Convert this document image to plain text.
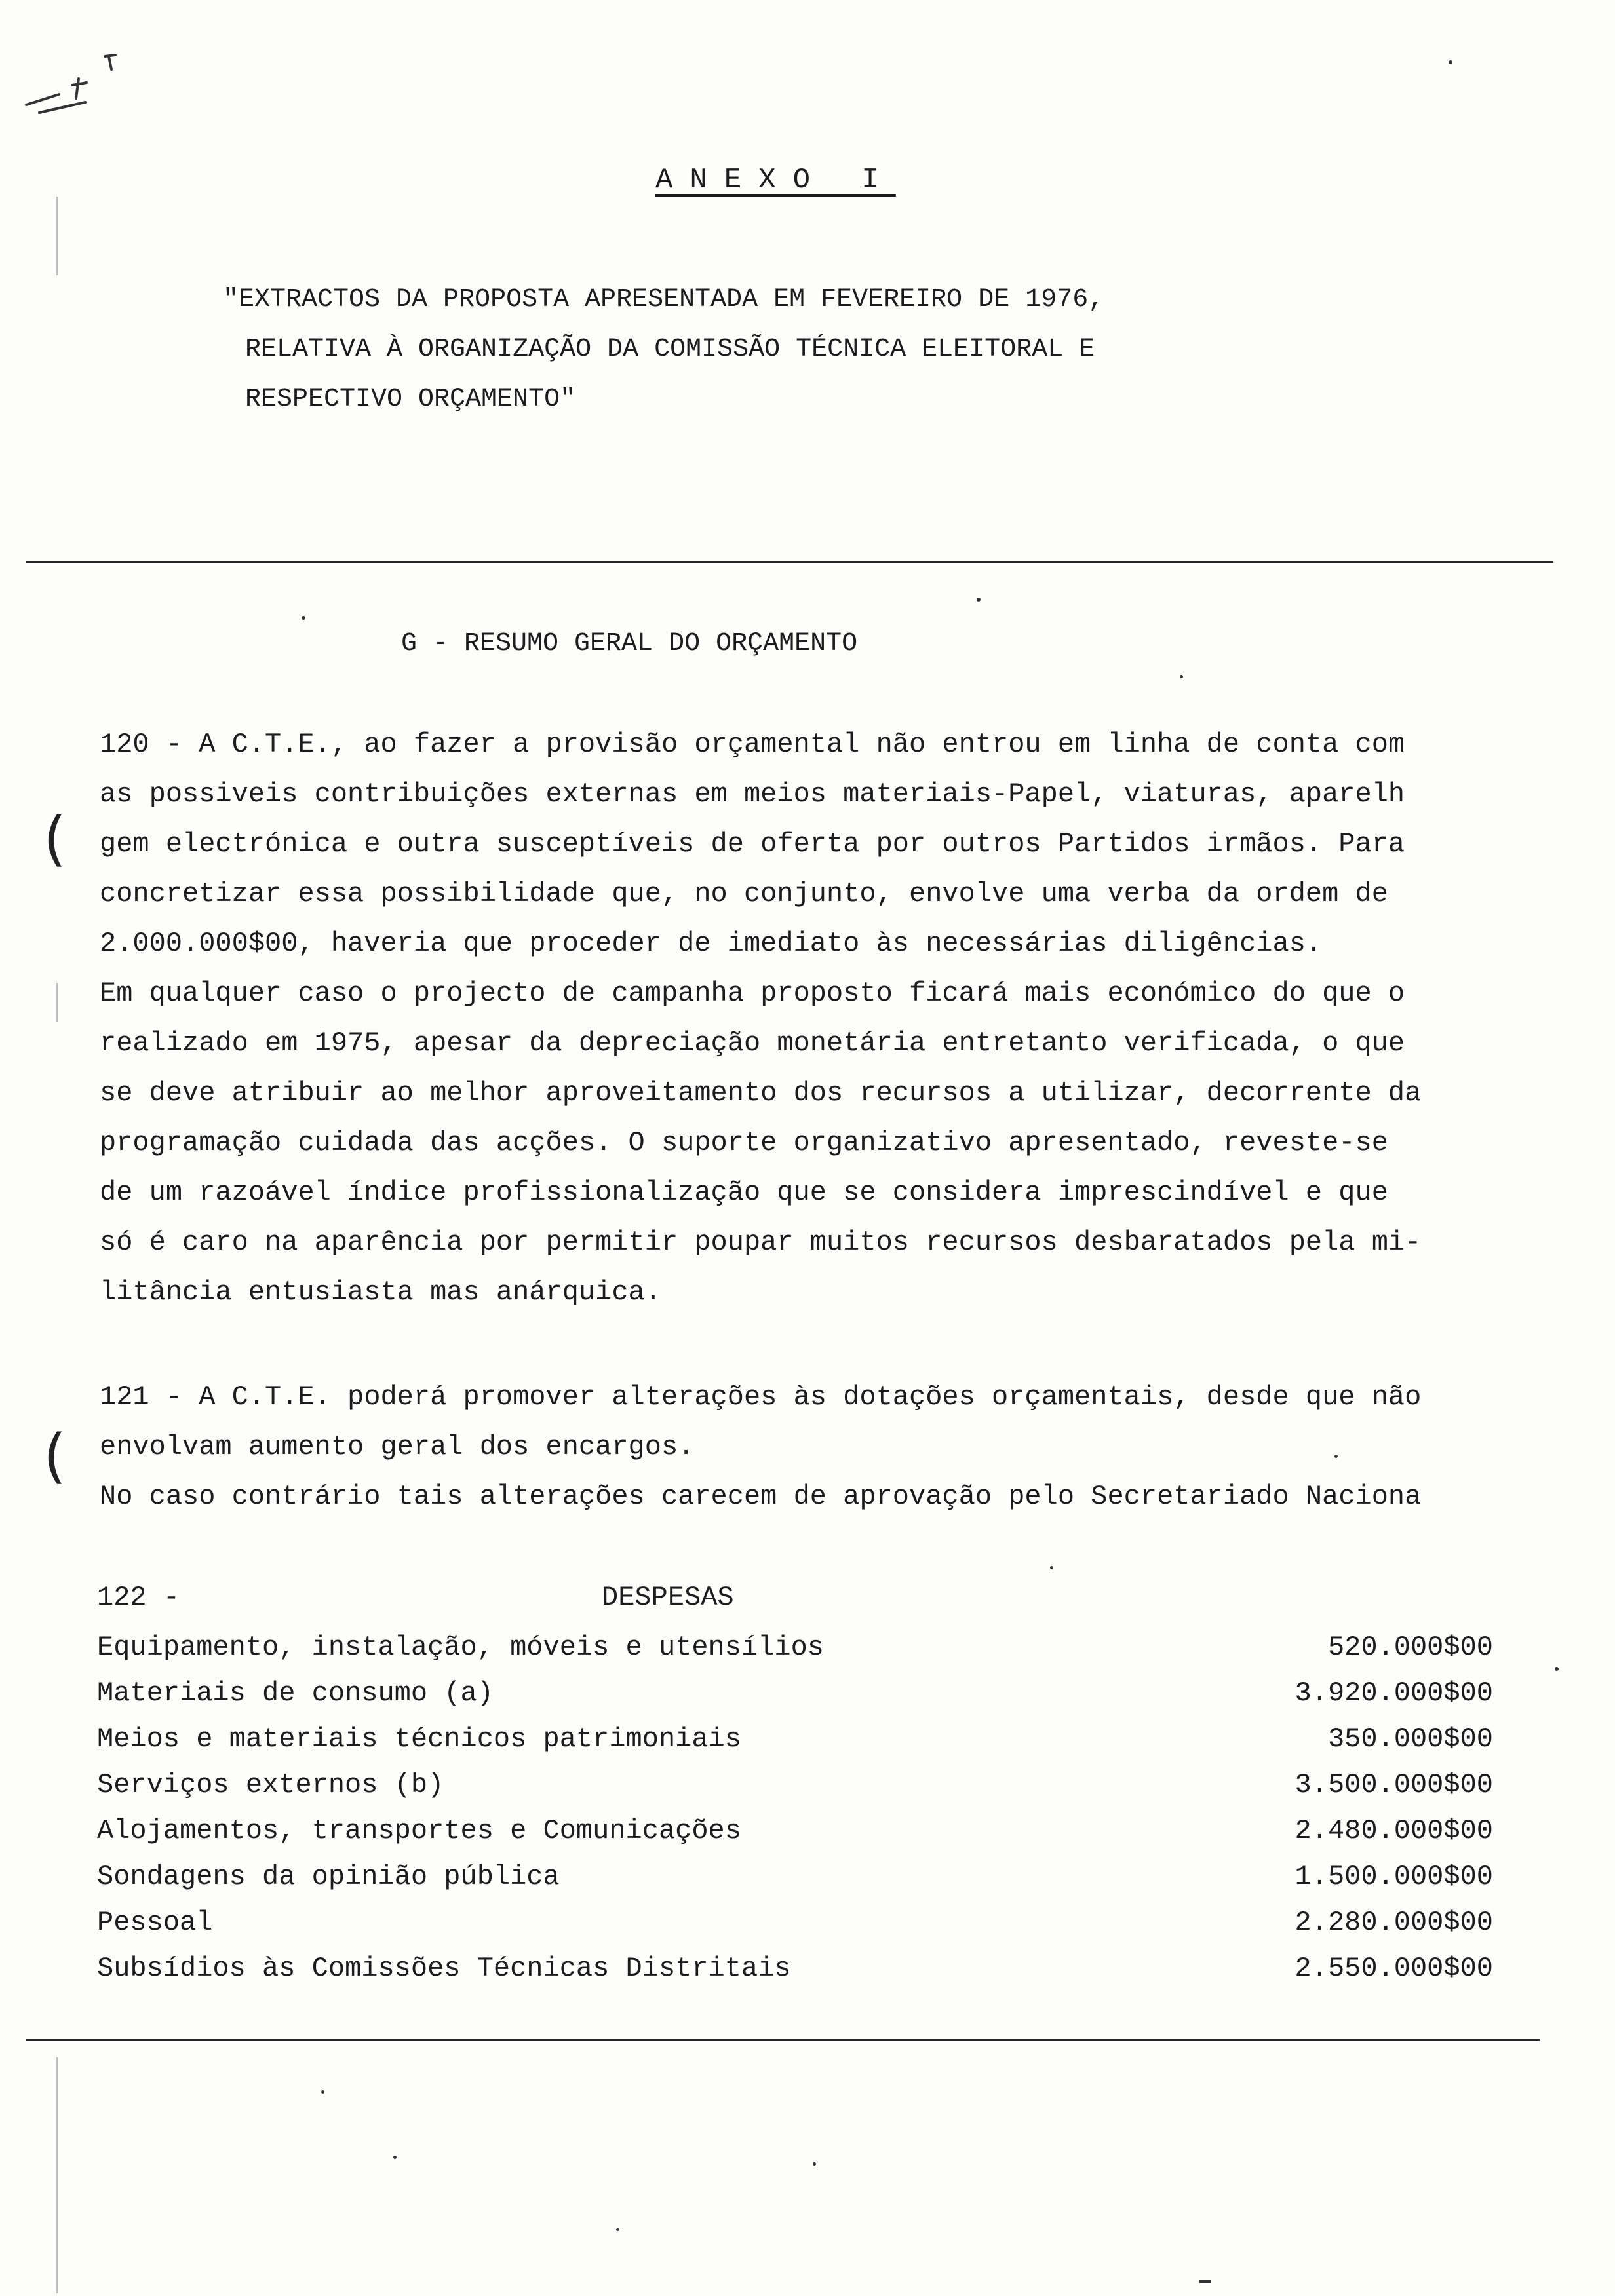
ANEXO I
"EXTRACTOS DA PROPOSTA APRESENTADA EM FEVEREIRO DE 1976,
RELATIVA À ORGANIZAÇÃO DA COMISSÃO TÉCNICA ELEITORAL E
RESPECTIVO ORÇAMENTO"
G - RESUMO GERAL DO ORÇAMENTO
120 - A C.T.E., ao fazer a provisão orçamental não entrou em linha de conta com
as possiveis contribuições externas em meios materiais-Papel, viaturas, aparelh
gem electrónica e outra susceptíveis de oferta por outros Partidos irmãos. Para
concretizar essa possibilidade que, no conjunto, envolve uma verba da ordem de
2.000.000$00, haveria que proceder de imediato às necessárias diligências.
Em qualquer caso o projecto de campanha proposto ficará mais económico do que o
realizado em 1975, apesar da depreciação monetária entretanto verificada, o que
se deve atribuir ao melhor aproveitamento dos recursos a utilizar, decorrente da
programação cuidada das acções. O suporte organizativo apresentado, reveste-se
de um razoável índice profissionalização que se considera imprescindível e que
só é caro na aparência por permitir poupar muitos recursos desbaratados pela mi-
litância entusiasta mas anárquica.
(
121 - A C.T.E. poderá promover alterações às dotações orçamentais, desde que não
envolvam aumento geral dos encargos.
No caso contrário tais alterações carecem de aprovação pelo Secretariado Naciona
(
122 -	DESPESAS
Equipamento, instalação, móveis e utensílios	520.000$00
Materiais de consumo (a)	3.920.000$00
Meios e materiais técnicos patrimoniais	350.000$00
Serviços externos (b)	3.500.000$00
Alojamentos, transportes e Comunicações	2.480.000$00
Sondagens da opinião pública	1.500.000$00
Pessoal	2.280.000$00
Subsídios às Comissões Técnicas Distritais	2.550.000$00
